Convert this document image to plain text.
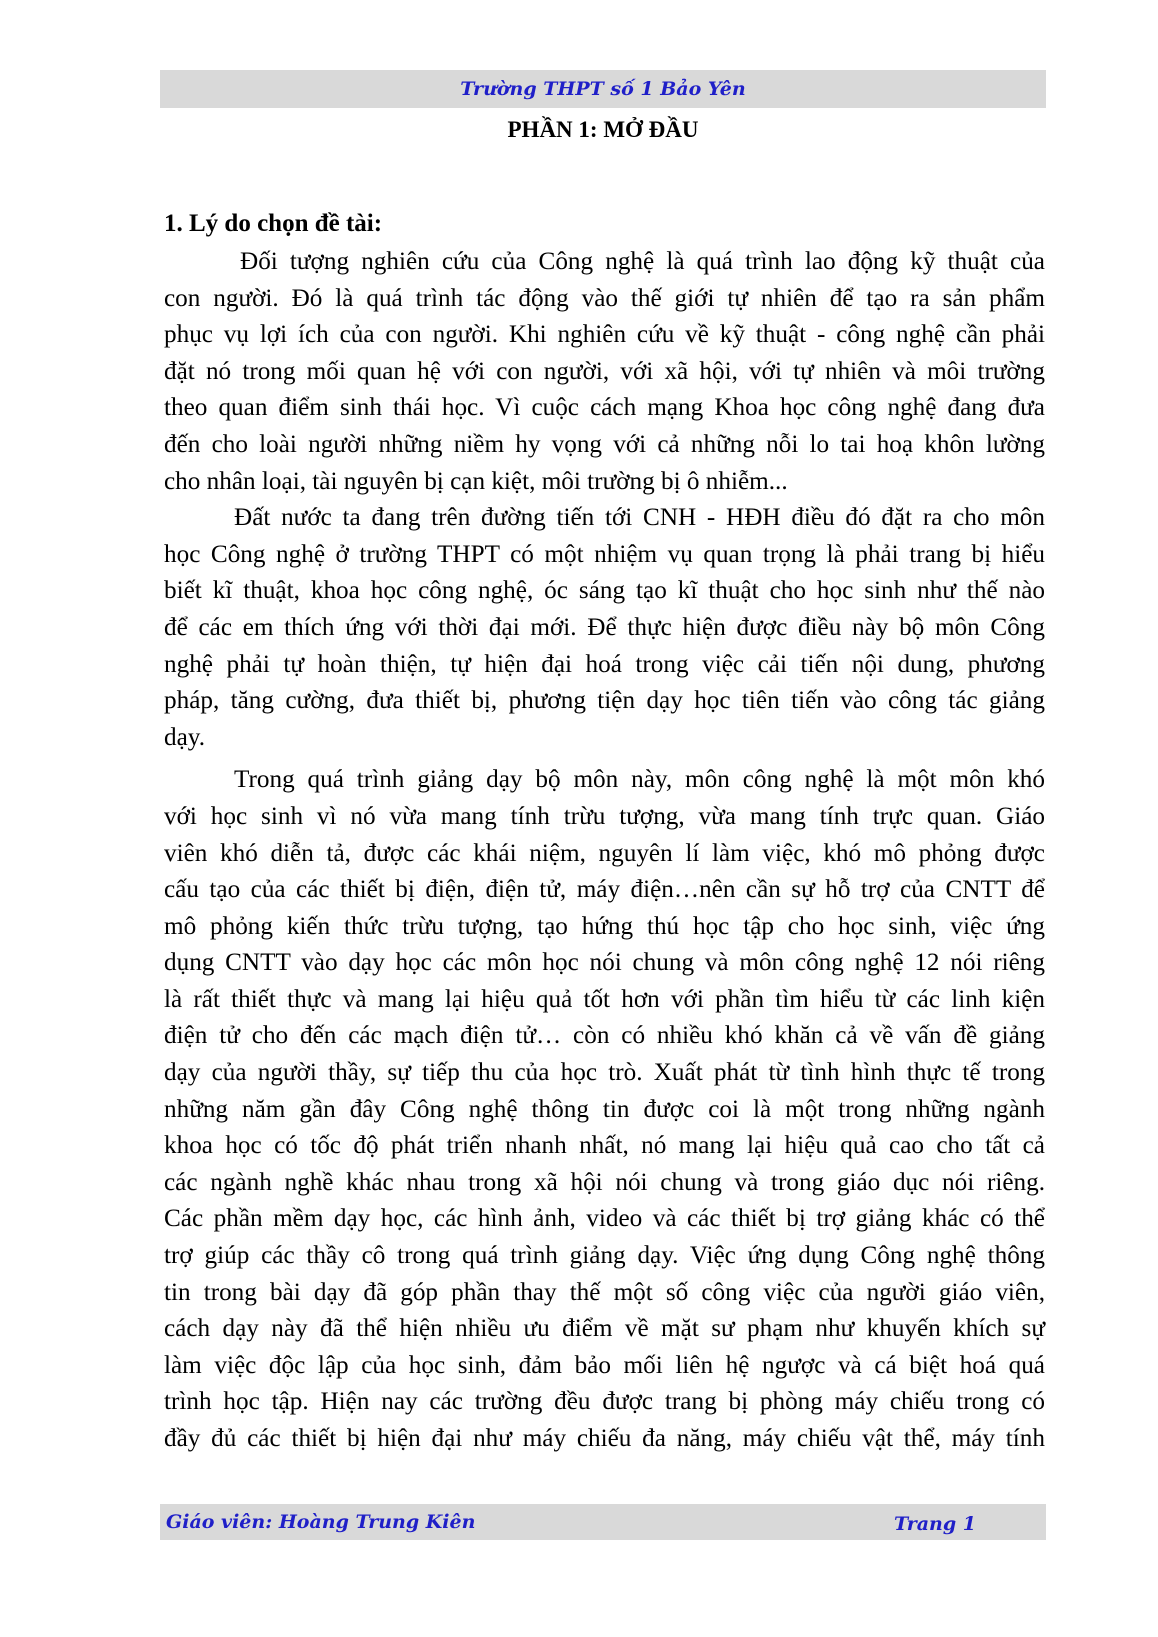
Trường THPT số 1 Bảo Yên
PHẦN 1: MỞ ĐẦU
1. Lý do chọn đề tài:
Đối tượng nghiên cứu của Công nghệ là quá trình lao động kỹ thuật của
con người. Đó là quá trình tác động vào thế giới tự nhiên để tạo ra sản phẩm
phục vụ lợi ích của con người. Khi nghiên cứu về kỹ thuật - công nghệ cần phải
đặt nó trong mối quan hệ với con người, với xã hội, với tự nhiên và môi trường
theo quan điểm sinh thái học. Vì cuộc cách mạng Khoa học công nghệ đang đưa
đến cho loài người những niềm hy vọng với cả những nỗi lo tai hoạ khôn lường
cho nhân loại, tài nguyên bị cạn kiệt, môi trường bị ô nhiễm...
Đất nước ta đang trên đường tiến tới CNH - HĐH điều đó đặt ra cho môn
học Công nghệ ở trường THPT có một nhiệm vụ quan trọng là phải trang bị hiểu
biết kĩ thuật, khoa học công nghệ, óc sáng tạo kĩ thuật cho học sinh như thế nào
để các em thích ứng với thời đại mới. Để thực hiện được điều này bộ môn Công
nghệ phải tự hoàn thiện, tự hiện đại hoá trong việc cải tiến nội dung, phương
pháp, tăng cường, đưa thiết bị, phương tiện dạy học tiên tiến vào công tác giảng
dạy.
Trong quá trình giảng dạy bộ môn này, môn công nghệ là một môn khó
với học sinh vì nó vừa mang tính trừu tượng, vừa mang tính trực quan. Giáo
viên khó diễn tả, được các khái niệm, nguyên lí làm việc, khó mô phỏng được
cấu tạo của các thiết bị điện, điện tử, máy điện…nên cần sự hỗ trợ của CNTT để
mô phỏng kiến thức trừu tượng, tạo hứng thú học tập cho học sinh, việc ứng
dụng CNTT vào dạy học các môn học nói chung và môn công nghệ 12 nói riêng
là rất thiết thực và mang lại hiệu quả tốt hơn với phần tìm hiểu từ các linh kiện
điện tử cho đến các mạch điện tử… còn có nhiều khó khăn cả về vấn đề giảng
dạy của người thầy, sự tiếp thu của học trò. Xuất phát từ tình hình thực tế trong
những năm gần đây Công nghệ thông tin được coi là một trong những ngành
khoa học có tốc độ phát triển nhanh nhất, nó mang lại hiệu quả cao cho tất cả
các ngành nghề khác nhau trong xã hội nói chung và trong giáo dục nói riêng.
Các phần mềm dạy học, các hình ảnh, video và các thiết bị trợ giảng khác có thể
trợ giúp các thầy cô trong quá trình giảng dạy. Việc ứng dụng Công nghệ thông
tin trong bài dạy đã góp phần thay thế một số công việc của người giáo viên,
cách dạy này đã thể hiện nhiều ưu điểm về mặt sư phạm như khuyến khích sự
làm việc độc lập của học sinh, đảm bảo mối liên hệ ngược và cá biệt hoá quá
trình học tập. Hiện nay các trường đều được trang bị phòng máy chiếu trong có
đầy đủ các thiết bị hiện đại như máy chiếu đa năng, máy chiếu vật thể, máy tính
Giáo viên: Hoàng Trung Kiên	Trang 1
